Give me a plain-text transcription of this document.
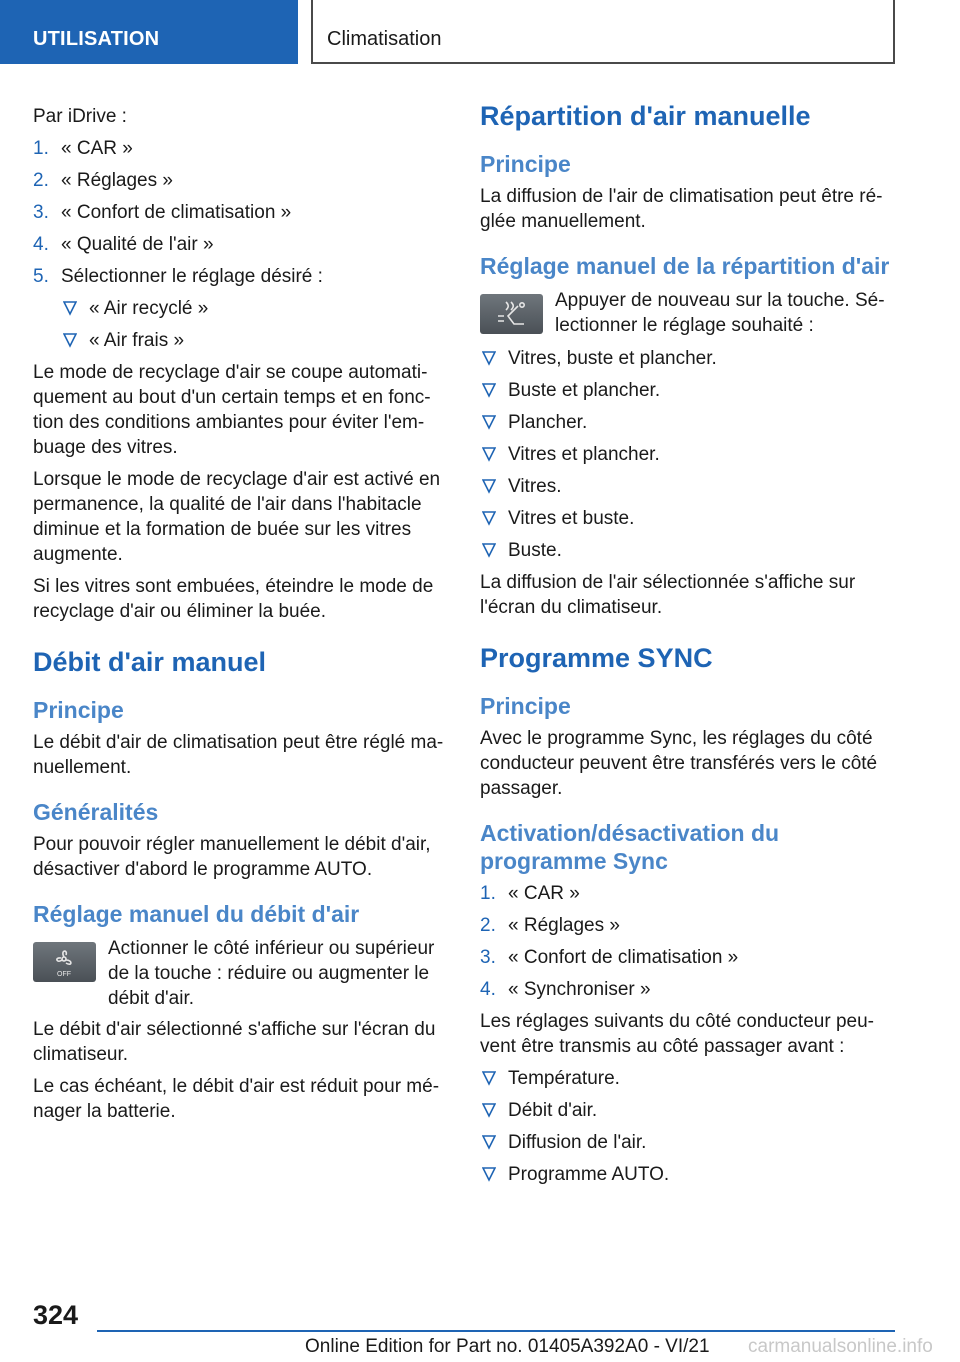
UTILISATION	Climatisation

Par iDrive :

1. « CAR »
2. « Réglages »
3. « Confort de climatisation »
4. « Qualité de l'air »
5. Sélectionner le réglage désiré :
« Air recyclé »
« Air frais »

Le mode de recyclage d'air se coupe automatiquement au bout d'un certain temps et en fonction des conditions ambiantes pour éviter l'embuage des vitres.

Lorsque le mode de recyclage d'air est activé en permanence, la qualité de l'air dans l'habitacle diminue et la formation de buée sur les vitres augmente.

Si les vitres sont embuées, éteindre le mode de recyclage d'air ou éliminer la buée.

Débit d'air manuel
Principe

Le débit d'air de climatisation peut être réglé manuellement.

Généralités

Pour pouvoir régler manuellement le débit d'air, désactiver d'abord le programme AUTO.

Réglage manuel du débit d'air
OFF
Actionner le côté inférieur ou supérieur de la touche : réduire ou augmenter le débit d'air.

Le débit d'air sélectionné s'affiche sur l'écran du climatiseur.

Le cas échéant, le débit d'air est réduit pour ménager la batterie.

Répartition d'air manuelle
Principe

La diffusion de l'air de climatisation peut être réglée manuellement.

Réglage manuel de la répartition d'air
Appuyer de nouveau sur la touche. Sélectionner le réglage souhaité :
Vitres, buste et plancher.
Buste et plancher.
Plancher.
Vitres et plancher.
Vitres.
Vitres et buste.
Buste.

La diffusion de l'air sélectionnée s'affiche sur l'écran du climatiseur.

Programme SYNC
Principe

Avec le programme Sync, les réglages du côté conducteur peuvent être transférés vers le côté passager.

Activation/désactivation du programme Sync
1. « CAR »
2. « Réglages »
3. « Confort de climatisation »
4. « Synchroniser »

Les réglages suivants du côté conducteur peuvent être transmis au côté passager avant :

Température.
Débit d'air.
Diffusion de l'air.
Programme AUTO.
324
Online Edition for Part no. 01405A392A0 - VI/21 carmanualsonline.info
